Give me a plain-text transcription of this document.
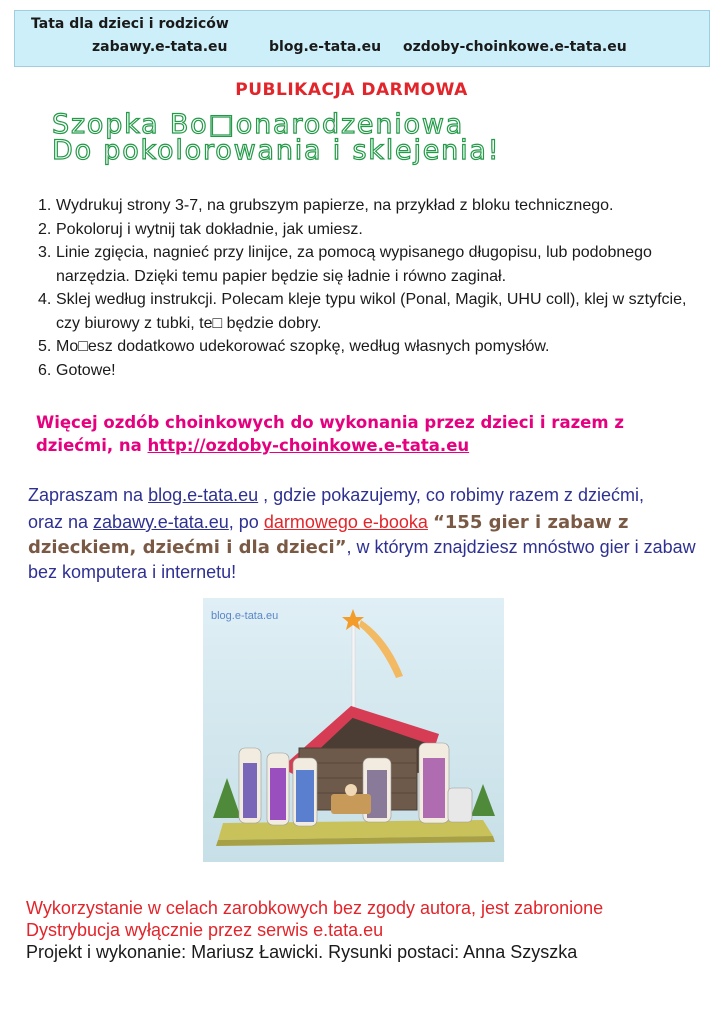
Tata dla dzieci i rodziców
zabawy.e-tata.eu	blog.e-tata.eu ozdoby-choinkowe.e-tata.eu
PUBLIKACJA DARMOWA
Szopka Bo□onarodzeniowa
Do pokolorowania i sklejenia!
1. Wydrukuj strony 3-7, na grubszym papierze, na przykład z bloku technicznego.
2. Pokoloruj i wytnij tak dokładnie, jak umiesz.
3. Linie zgięcia, nagnieć przy linijce, za pomocą wypisanego długopisu, lub podobnego narzędzia. Dzięki temu papier będzie się ładnie i równo zaginał.
4. Sklej według instrukcji. Polecam kleje typu wikol (Ponal, Magik, UHU coll), klej w sztyfcie, czy biurowy z tubki, te□ będzie dobry.
5. Mo□esz dodatkowo udekorować szopkę, według własnych pomysłów.
6. Gotowe!
Więcej ozdób choinkowych do wykonania przez dzieci i razem z dziećmi, na http://ozdoby-choinkowe.e-tata.eu
Zapraszam na blog.e-tata.eu , gdzie pokazujemy, co robimy razem z dziećmi,
oraz na zabawy.e-tata.eu, po darmowego e-booka “155 gier i zabaw z dzieckiem, dziećmi i dla dzieci”, w którym znajdziesz mnóstwo gier i zabaw bez komputera i internetu!
blog.e-tata.eu
Wykorzystanie w celach zarobkowych bez zgody autora, jest zabronione
Dystrybucja wyłącznie przez serwis e.tata.eu
Projekt i wykonanie: Mariusz Ławicki. Rysunki postaci: Anna Szyszka
